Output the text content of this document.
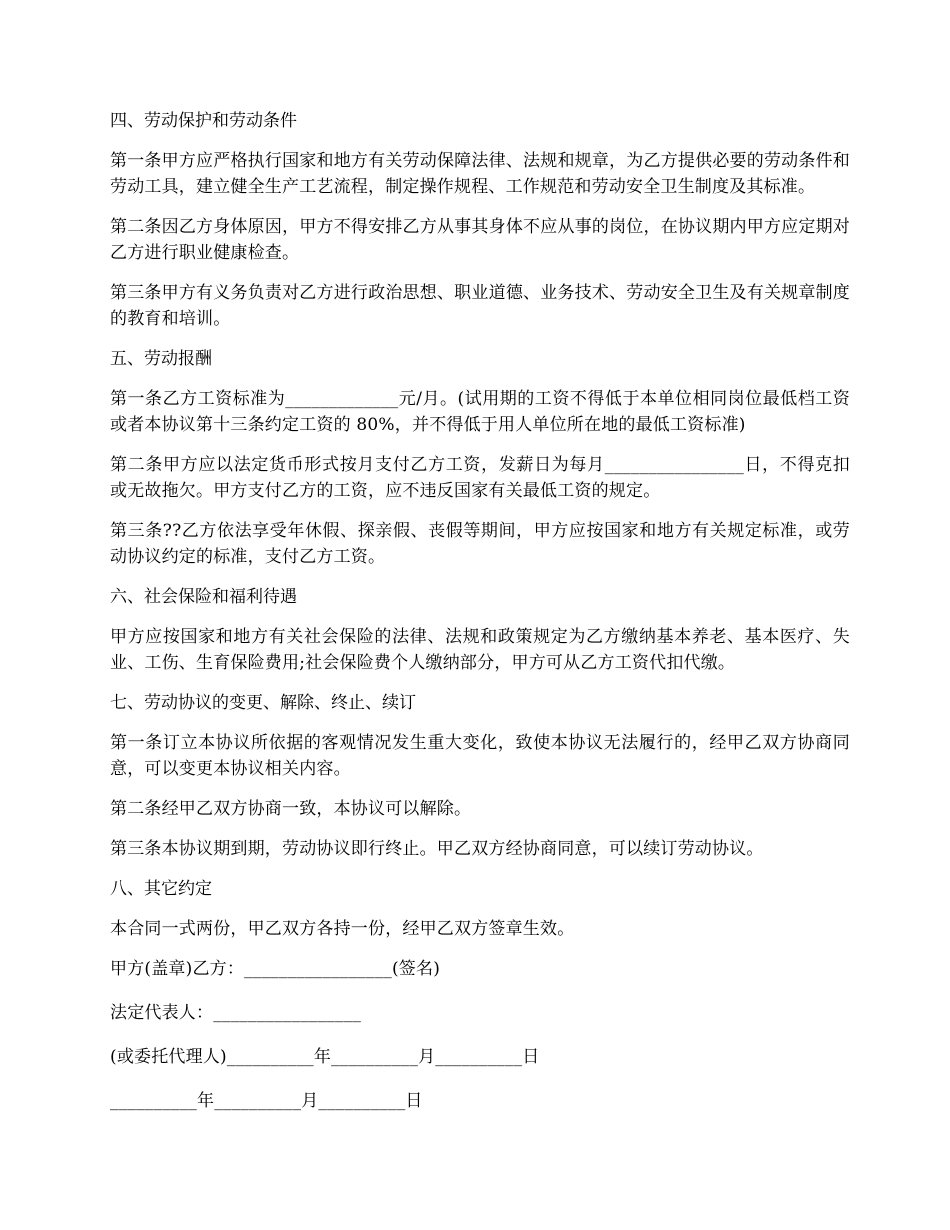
四、劳动保护和劳动条件

第一条甲方应严格执行国家和地方有关劳动保障法律、法规和规章，为乙方提供必要的劳动条件和劳动工具，建立健全生产工艺流程，制定操作规程、工作规范和劳动安全卫生制度及其标准。

第二条因乙方身体原因，甲方不得安排乙方从事其身体不应从事的岗位，在协议期内甲方应定期对乙方进行职业健康检查。

第三条甲方有义务负责对乙方进行政治思想、职业道德、业务技术、劳动安全卫生及有关规章制度的教育和培训。

五、劳动报酬

第一条乙方工资标准为_____________元/月。(试用期的工资不得低于本单位相同岗位最低档工资或者本协议第十三条约定工资的 80%，并不得低于用人单位所在地的最低工资标准)

第二条甲方应以法定货币形式按月支付乙方工资，发薪日为每月________________日，不得克扣或无故拖欠。甲方支付乙方的工资，应不违反国家有关最低工资的规定。

第三条??乙方依法享受年休假、探亲假、丧假等期间，甲方应按国家和地方有关规定标准，或劳动协议约定的标准，支付乙方工资。

六、社会保险和福利待遇

甲方应按国家和地方有关社会保险的法律、法规和政策规定为乙方缴纳基本养老、基本医疗、失业、工伤、生育保险费用;社会保险费个人缴纳部分，甲方可从乙方工资代扣代缴。

七、劳动协议的变更、解除、终止、续订

第一条订立本协议所依据的客观情况发生重大变化，致使本协议无法履行的，经甲乙双方协商同意，可以变更本协议相关内容。

第二条经甲乙双方协商一致，本协议可以解除。

第三条本协议期到期，劳动协议即行终止。甲乙双方经协商同意，可以续订劳动协议。

八、其它约定

本合同一式两份，甲乙双方各持一份，经甲乙双方签章生效。

甲方(盖章)乙方：_________________(签名)

法定代表人：_________________

(或委托代理人)__________年__________月__________日

__________年__________月__________日
